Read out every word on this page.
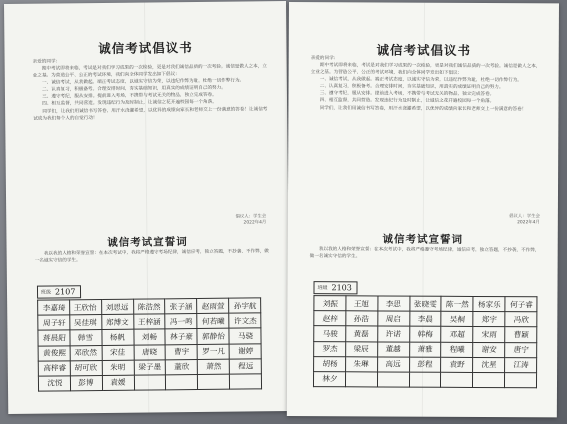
诚信考试倡议书
亲爱的同学：
　　期中考试即将来临，考试是对我们学习成果的一次检验，更是对我们诚信品质的一次考验。诚信是做人之本，立业之基。为营造公平、公正的考试环境，我们向全体同学发出如下倡议：
　　一、诚信考试，从我做起。端正考试态度，以诚实守信为荣，以违纪作弊为耻，杜绝一切作弊行为。
　　二、认真复习，积极备考。合理安排时间，夯实基础知识，用真实的成绩证明自己的努力。
　　三、遵守考纪，服从安排。提前进入考场，不携带与考试无关的物品，独立完成答卷。
　　四、相互监督，共同营造。发现违纪行为及时制止，让诚信之花开遍校园每一个角落。
　　同学们，让我们用诚信书写答卷，用汗水浇灌希望，以优异的成绩向家长和老师交上一份满意的答卷！让诚信考试成为我们每个人的自觉行动！
倡议人：学生会
2022年4月
诚信考试宣誓词
　　我以我的人格和荣誉宣誓：在本次考试中，我将严格遵守考场纪律，诚信应考，独立答题，不抄袭、不作弊，做一名诚实守信的学生。
班级 2107
李嘉琦	王欣怡	刘思远	陈浩然	张子涵	赵雨萱	孙宇航
周子轩	吴佳琪	郑博文	王梓涵	冯一鸣	何若曦	许文杰
蒋晨阳	韩雪	杨帆	刘畅	林子豪	郭静怡	马骁
黄俊熙	邓欣然	宋佳	唐晓	曹宇	罗一凡	谢婷
高梓睿	胡可欣	朱明	梁子墨	董欣	萧然	程远
沈悦	彭博	袁媛				
诚信考试倡议书
亲爱的同学：
　　期中考试即将来临，考试是对我们学习成果的一次检验，更是对我们诚信品质的一次考验。诚信是做人之本，立业之基。为营造公平、公正的考试环境，我们向全体同学发出如下倡议：
　　一、诚信考试，从我做起。端正考试态度，以诚实守信为荣，以违纪作弊为耻，杜绝一切作弊行为。
　　二、认真复习，积极备考。合理安排时间，夯实基础知识，用真实的成绩证明自己的努力。
　　三、遵守考纪，服从安排。提前进入考场，不携带与考试无关的物品，独立完成答卷。
　　四、相互监督，共同营造。发现违纪行为及时制止，让诚信之花开遍校园每一个角落。
　　同学们，让我们用诚信书写答卷，用汗水浇灌希望，以优异的成绩向家长和老师交上一份满意的答卷！
倡议人：学生会
2022年4月
诚信考试宣誓词
　　我以我的人格和荣誉宣誓：在本次考试中，我将严格遵守考场纪律，诚信应考，独立答题，不抄袭、不作弊，做一名诚实守信的学生。
班级 2103
刘振	王旭	李思	张晓雯	陈一然	杨家乐	何子睿
赵梓	孙浩	周启	李晨	吴桐	郑宇	冯欣
马骏	黄磊	许诺	韩梅	邓超	宋雨	曹颖
罗杰	梁辰	董越	萧雅	程曦	谢安	唐宁
胡杨	朱琳	高远	彭程	袁野	沈星	江涛
林夕						
